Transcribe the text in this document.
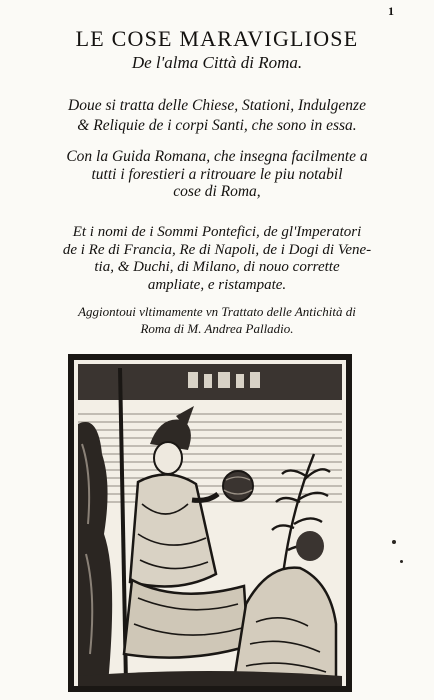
1
LE COSE MARAVIGLIOSE
De l'alma Città di Roma.
Doue si tratta delle Chiese, Stationi, Indulgenze
& Reliquie de i corpi Santi, che sono in essa.
Con la Guida Romana, che insegna facilmente a
tutti i forestieri a ritrouare le piu notabil
cose di Roma,
Et i nomi de i Sommi Pontefici, de gl'Imperatori
de i Re di Francia, Re di Napoli, de i Dogi di Vene-
tia, & Duchi, di Milano, di nouo corrette
ampliate, e ristampate.
Aggiontoui vltimamente vn Trattato delle Antichità di
Roma di M. Andrea Palladio.
